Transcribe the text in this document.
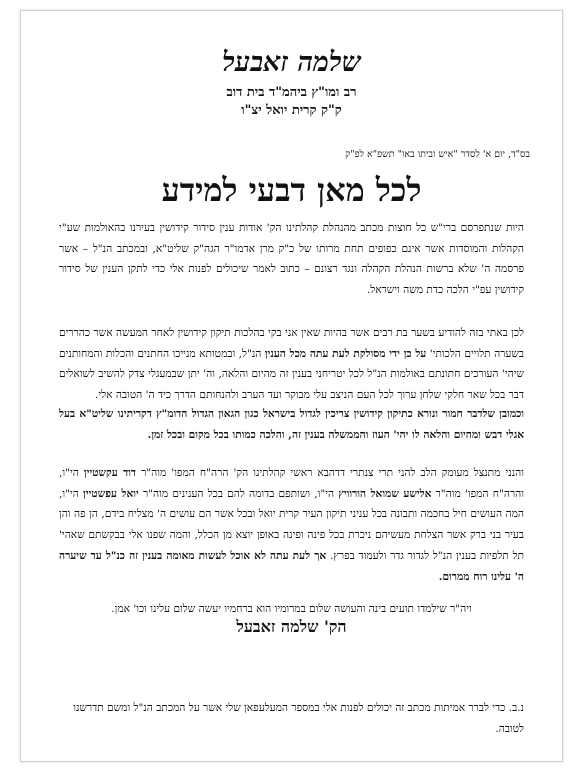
שלמה זאבעל
רב ומו"ץ ביהמ"ד בית דוב
ק"ק קרית יואל יצ"ו
בס"ד, יום א' לסדר "איש וביתו באו" תשפ"א לפ"ק
לכל מאן דבעי למידע
היות שנתפרסם ברי"ש כל חוצות מכתב מהנהלת קהלתינו הק' אודות ענין סידור קידושין בעירנו בהאולמות שע"י הקהלות והמוסדות אשר אינם כפופים תחת מרותו של כ"ק מרן אדמו"ר הגה"ק שליט"א, ובמכתב הנ"ל – אשר פרסמה ה' שלא ברשות הנהלת הקהלה ונגד רצונם – כתוב לאמר שיכולים לפנות אלי כדי לתקן הענין של סידור קידושין עפ"י הלכה כדת משה וישראל.
לכן באתי בזה להודיע בשער בת רבים אשר בהיות שאין אני בקי בהלכות תיקון קידושין לאחר המעשה אשר כהררים בשערה תלויים הלכותי' על כן ידי מסולקת לעת עתה מכל הענין הנ"ל, ובמטותא מנייכו החתנים והכלות והמחותנים שיהי' העורכים חתונתם באולמות הנ"ל לכל יטריחני בענין זה מהיום והלאה, וה' יתן שבמעגלי צדק להשיב לשואלים דבר בכל שאר חלקי שלחן ערוך לכל העם הניצב עלי מבוקר ועד הערב ולהנחותם הדרך כיד ה' הטובה אלי.
וכמובן שלדבר חמור ונורא כתיקון קידושין צריכין לגדול בישראל כגון הגאון הגדול הדומ"ץ דקריתינו שליט"א בעל אגלי דבש ומהיום והלאה לו יהי' העוז והממשלה בענין זה, והלכה כמותו בכל מקום ובכל זמן.
והנני מתנצל מעומק הלב להני תרי צנתרי דדהבא ראשי קהלתינו הק' הרה"ח המפו' מוה"ר דוד עקשטיין הי"ו, והרה"ח המפו' מוה"ר אלישע שמואל הורוויץ הי"ו, ושותפם בדומה להם בכל הענינים מוה"ר יואל עפשטיין הי"ו, המה העושים חיל בחכמה ותבונה בכל עניני תיקון העיר קרית יואל ובכל אשר הם עושים ה' מצליח בידם, הן פה והן בעיר בני ברק אשר הצלחת מעשיהם ניכרת בכל פינה ופינה באופן יוצא מן הכלל, והמה שפנו אלי בבקשתם שאהי' תל תלפיות בענין הנ"ל לגדור גדר ולעמוד בפרץ. אך לעת עתה לא אוכל לעשות מאומה בענין זה כנ"ל עד שיערה ה' עלינו רוח ממרום.
ויה"ר שילמדו תועים בינה והעושה שלום במרומיו הוא ברחמיו יעשה שלום עלינו וכו' אמן.
הק' שלמה זאבעל
נ.ב. כדי לברר אמיתות מכתב זה יכולים לפנות אלי במספר המעלעפאן שלי אשר על המכתב הנ"ל ומשם תדרשנו לטובה.
